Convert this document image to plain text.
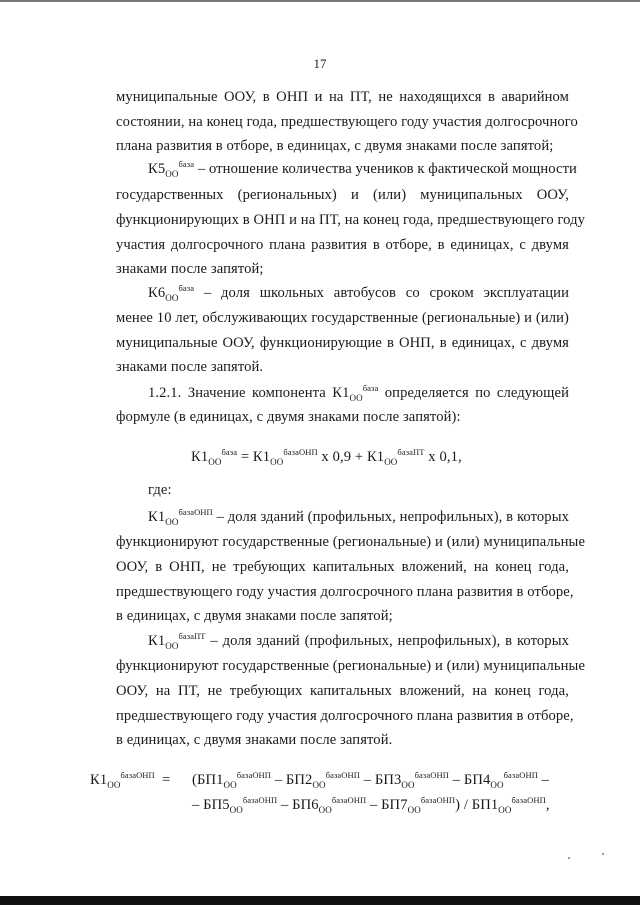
17
муниципальные ООУ, в ОНП и на ПТ, не находящихся в аварийном
состоянии, на конец года, предшествующего году участия долгосрочного
плана развития в отборе, в единицах, с двумя знаками после запятой;
$К5_{ОО}^{база}$ – отношение количества учеников к фактической мощности
государственных (региональных) и (или) муниципальных ООУ,
функционирующих в ОНП и на ПТ, на конец года, предшествующего году
участия долгосрочного плана развития в отборе, в единицах, с двумя
знаками после запятой;
$К6_{ОО}^{база}$ – доля школьных автобусов со сроком эксплуатации
менее 10 лет, обслуживающих государственные (региональные) и (или)
муниципальные ООУ, функционирующие в ОНП, в единицах, с двумя
знаками после запятой.
1.2.1. Значение компонента $К1_{ОО}^{база}$ определяется по следующей
формуле (в единицах, с двумя знаками после запятой):
$К1_{ОО}^{база} = К1_{ОО}^{базаОНП}$ х $0,9 + К1_{ОО}^{базаПТ}$ х 0,1,
где:
$К1_{ОО}^{базаОНП}$ – доля зданий (профильных, непрофильных), в которых
функционируют государственные (региональные) и (или) муниципальные
ООУ, в ОНП, не требующих капитальных вложений, на конец года,
предшествующего году участия долгосрочного плана развития в отборе,
в единицах, с двумя знаками после запятой;
$К1_{ОО}^{базаПТ}$ – доля зданий (профильных, непрофильных), в которых
функционируют государственные (региональные) и (или) муниципальные
ООУ, на ПТ, не требующих капитальных вложений, на конец года,
предшествующего году участия долгосрочного плана развития в отборе,
в единицах, с двумя знаками после запятой.
$К1_{ОО}^{базаОНП} = (БП1_{ОО}^{базаОНП} - БП2_{ОО}^{базаОНП} - БП3_{ОО}^{базаОНП} - БП4_{ОО}^{базаОНП}$ –
– $БП5_{ОО}^{базаОНП} - БП6_{ОО}^{базаОНП} - БП7_{ОО}^{базаОНП}) / БП1_{ОО}^{базаОНП}$,
